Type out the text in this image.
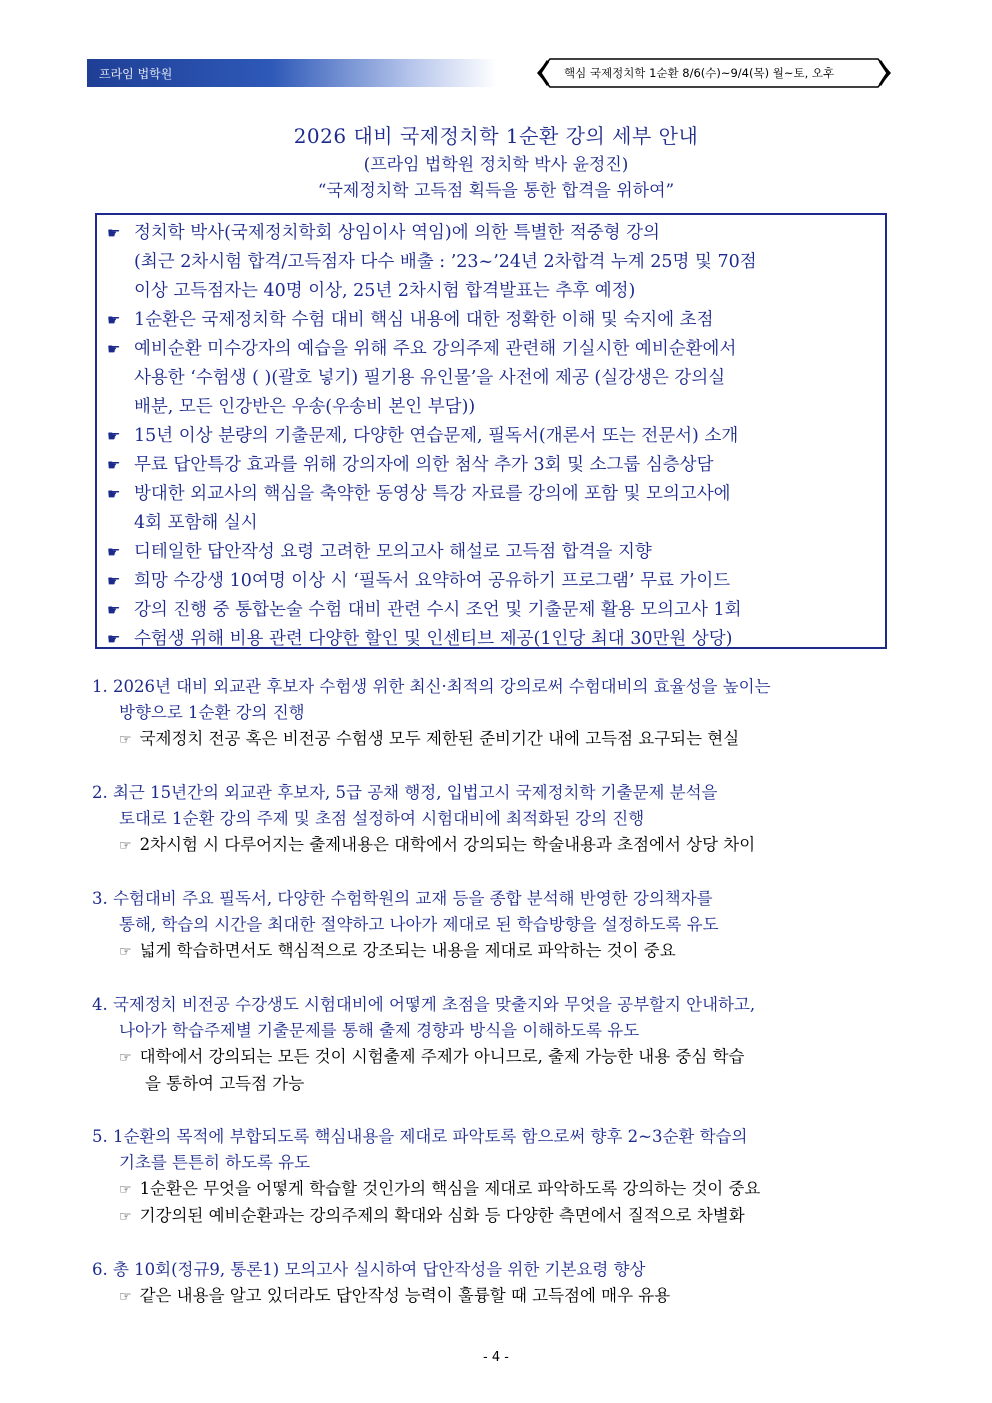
프라임 법학원	핵심 국제정치학 1순환 8/6(수)~9/4(목) 월~토, 오후
2026 대비 국제정치학 1순환 강의 세부 안내
(프라임 법학원 정치학 박사 윤정진)
“국제정치학 고득점 획득을 통한 합격을 위하여”
☛ 정치학 박사(국제정치학회 상임이사 역임)에 의한 특별한 적중형 강의
(최근 2차시험 합격/고득점자 다수 배출 : ’23~’24년 2차합격 누계 25명 및 70점
이상 고득점자는 40명 이상, 25년 2차시험 합격발표는 추후 예정)
☛ 1순환은 국제정치학 수험 대비 핵심 내용에 대한 정확한 이해 및 숙지에 초점
☛ 예비순환 미수강자의 예습을 위해 주요 강의주제 관련해 기실시한 예비순환에서
사용한 ‘수험생 ( )(괄호 넣기) 필기용 유인물’을 사전에 제공 (실강생은 강의실
배분, 모든 인강반은 우송(우송비 본인 부담))
☛ 15년 이상 분량의 기출문제, 다양한 연습문제, 필독서(개론서 또는 전문서) 소개
☛ 무료 답안특강 효과를 위해 강의자에 의한 첨삭 추가 3회 및 소그룹 심층상담
☛ 방대한 외교사의 핵심을 축약한 동영상 특강 자료를 강의에 포함 및 모의고사에
4회 포함해 실시
☛ 디테일한 답안작성 요령 고려한 모의고사 해설로 고득점 합격을 지향
☛ 희망 수강생 10여명 이상 시 ‘필독서 요약하여 공유하기 프로그램’ 무료 가이드
☛ 강의 진행 중 통합논술 수험 대비 관련 수시 조언 및 기출문제 활용 모의고사 1회
☛ 수험생 위해 비용 관련 다양한 할인 및 인센티브 제공(1인당 최대 30만원 상당)
1. 2026년 대비 외교관 후보자 수험생 위한 최신·최적의 강의로써 수험대비의 효율성을 높이는
방향으로 1순환 강의 진행
☞ 국제정치 전공 혹은 비전공 수험생 모두 제한된 준비기간 내에 고득점 요구되는 현실
2. 최근 15년간의 외교관 후보자, 5급 공채 행정, 입법고시 국제정치학 기출문제 분석을
토대로 1순환 강의 주제 및 초점 설정하여 시험대비에 최적화된 강의 진행
☞ 2차시험 시 다루어지는 출제내용은 대학에서 강의되는 학술내용과 초점에서 상당 차이
3. 수험대비 주요 필독서, 다양한 수험학원의 교재 등을 종합 분석해 반영한 강의책자를
통해, 학습의 시간을 최대한 절약하고 나아가 제대로 된 학습방향을 설정하도록 유도
☞ 넓게 학습하면서도 핵심적으로 강조되는 내용을 제대로 파악하는 것이 중요
4. 국제정치 비전공 수강생도 시험대비에 어떻게 초점을 맞출지와 무엇을 공부할지 안내하고,
나아가 학습주제별 기출문제를 통해 출제 경향과 방식을 이해하도록 유도
☞ 대학에서 강의되는 모든 것이 시험출제 주제가 아니므로, 출제 가능한 내용 중심 학습
을 통하여 고득점 가능
5. 1순환의 목적에 부합되도록 핵심내용을 제대로 파악토록 함으로써 향후 2~3순환 학습의
기초를 튼튼히 하도록 유도
☞ 1순환은 무엇을 어떻게 학습할 것인가의 핵심을 제대로 파악하도록 강의하는 것이 중요
☞ 기강의된 예비순환과는 강의주제의 확대와 심화 등 다양한 측면에서 질적으로 차별화
6. 총 10회(정규9, 통론1) 모의고사 실시하여 답안작성을 위한 기본요령 향상
☞ 같은 내용을 알고 있더라도 답안작성 능력이 훌륭할 때 고득점에 매우 유용
- 4 -
